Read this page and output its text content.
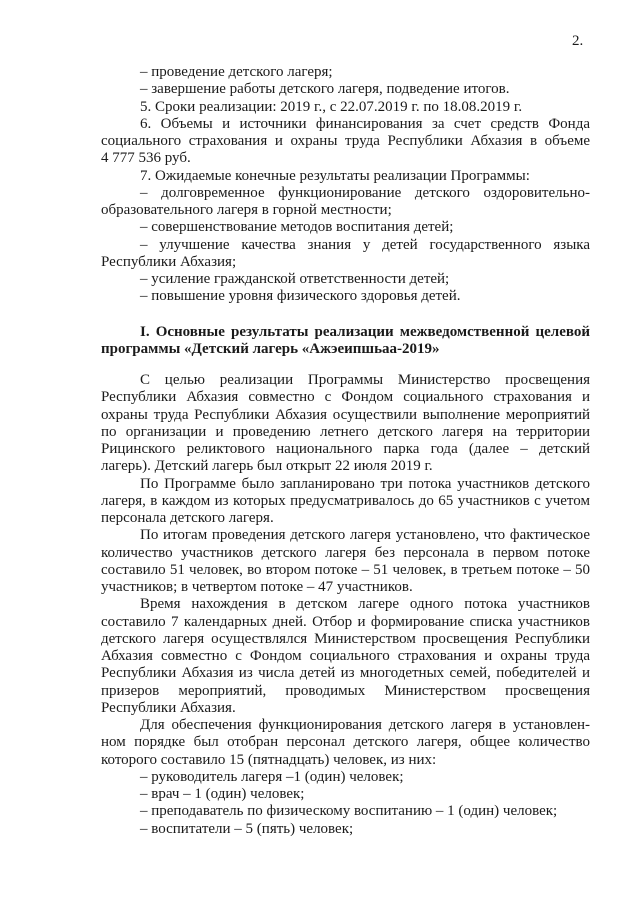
2.
– проведение детского лагеря;
– завершение работы детского лагеря, подведение итогов.
5. Сроки реализации: 2019 г., с 22.07.2019 г. по 18.08.2019 г.
6. Объемы и источники финансирования за счет средств Фонда
социального страхования и охраны труда Республики Абхазия в объеме
4 777 536 руб.
7. Ожидаемые конечные результаты реализации Программы:
– долговременное функционирование детского оздоровительно-
образовательного лагеря в горной местности;
– совершенствование методов воспитания детей;
– улучшение качества знания у детей государственного языка
Республики Абхазия;
– усиление гражданской ответственности детей;
– повышение уровня физического здоровья детей.
I. Основные результаты реализации межведомственной целевой
программы «Детский лагерь «Ажэеипшьаа-2019»
С целью реализации Программы Министерство просвещения
Республики Абхазия совместно с Фондом социального страхования и
охраны труда Республики Абхазия осуществили выполнение мероприятий
по организации и проведению летнего детского лагеря на территории
Рицинского реликтового национального парка года (далее – детский
лагерь). Детский лагерь был открыт 22 июля 2019 г.
По Программе было запланировано три потока участников детского
лагеря, в каждом из которых предусматривалось до 65 участников с учетом
персонала детского лагеря.
По итогам проведения детского лагеря установлено, что фактическое
количество участников детского лагеря без персонала в первом потоке
составило 51 человек, во втором потоке – 51 человек, в третьем потоке – 50
участников; в четвертом потоке – 47 участников.
Время нахождения в детском лагере одного потока участников
составило 7 календарных дней. Отбор и формирование списка участников
детского лагеря осуществлялся Министерством просвещения Республики
Абхазия совместно с Фондом социального страхования и охраны труда
Республики Абхазия из числа детей из многодетных семей, победителей и
призеров мероприятий, проводимых Министерством просвещения
Республики Абхазия.
Для обеспечения функционирования детского лагеря в установлен-
ном порядке был отобран персонал детского лагеря, общее количество
которого составило 15 (пятнадцать) человек, из них:
– руководитель лагеря –1 (один) человек;
– врач – 1 (один) человек;
– преподаватель по физическому воспитанию – 1 (один) человек;
– воспитатели – 5 (пять) человек;
